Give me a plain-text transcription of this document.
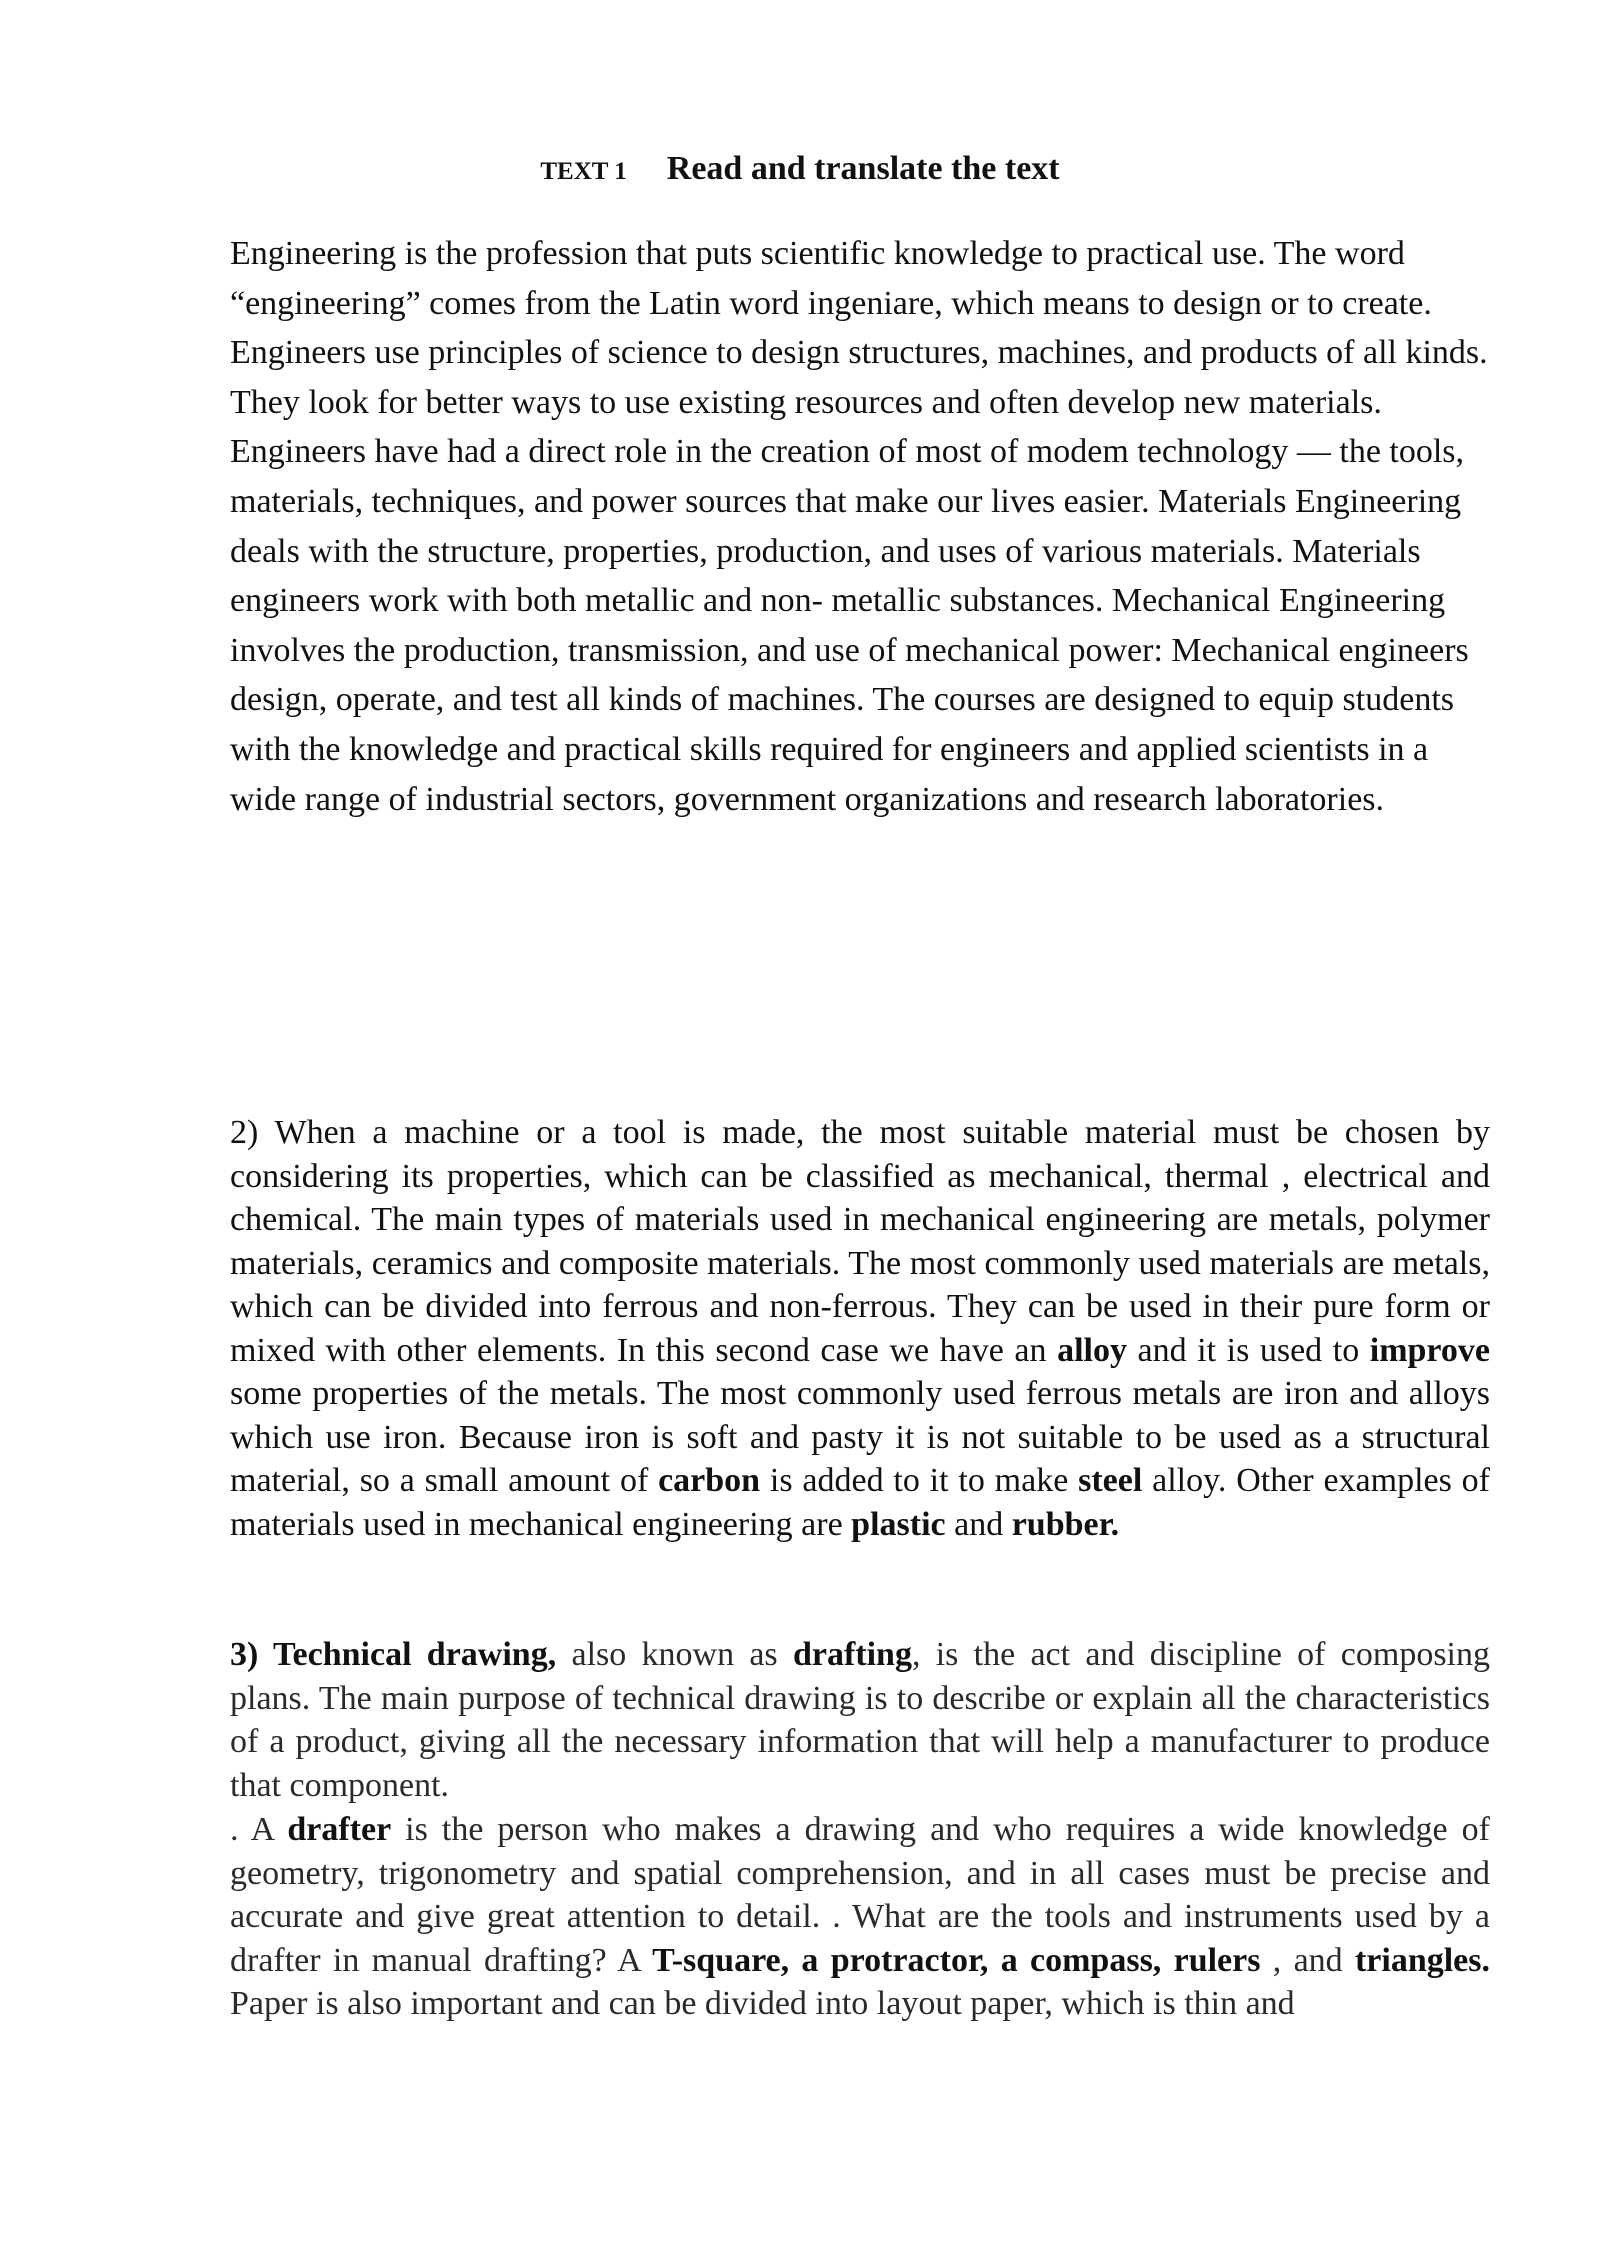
TEXT 1 Read and translate the text

Engineering is the profession that puts scientific knowledge to practical use. The word “engineering” comes from the Latin word ingeniare, which means to design or to create. Engineers use principles of science to design structures, machines, and products of all kinds. They look for better ways to use existing resources and often develop new materials. Engineers have had a direct role in the creation of most of modem technology — the tools, materials, techniques, and power sources that make our lives easier. Materials Engineering deals with the structure, properties, production, and uses of various materials. Materials engineers work with both metallic and non- metallic substances. Mechanical Engineering involves the production, transmission, and use of mechanical power: Mechanical engineers design, operate, and test all kinds of machines. The courses are designed to equip students with the knowledge and practical skills required for engineers and applied scientists in a wide range of industrial sectors, government organizations and research laboratories.

2) When a machine or a tool is made, the most suitable material must be chosen by considering its properties, which can be classified as mechanical, thermal , electrical and chemical. The main types of materials used in mechanical engineering are metals, polymer materials, ceramics and composite materials. The most commonly used materials are metals, which can be divided into ferrous and non-ferrous. They can be used in their pure form or mixed with other elements. In this second case we have an alloy and it is used to improve some properties of the metals. The most commonly used ferrous metals are iron and alloys which use iron. Because iron is soft and pasty it is not suitable to be used as a structural material, so a small amount of carbon is added to it to make steel alloy. Other examples of materials used in mechanical engineering are plastic and rubber.

3) Technical drawing, also known as drafting, is the act and discipline of composing plans. The main purpose of technical drawing is to describe or explain all the characteristics of a product, giving all the necessary information that will help a manufacturer to produce that component.

. A drafter is the person who makes a drawing and who requires a wide knowledge of geometry, trigonometry and spatial comprehension, and in all cases must be precise and accurate and give great attention to detail. . What are the tools and instruments used by a drafter in manual drafting? A T-square, a protractor, a compass, rulers , and triangles. Paper is also important and can be divided into layout paper, which is thin and
